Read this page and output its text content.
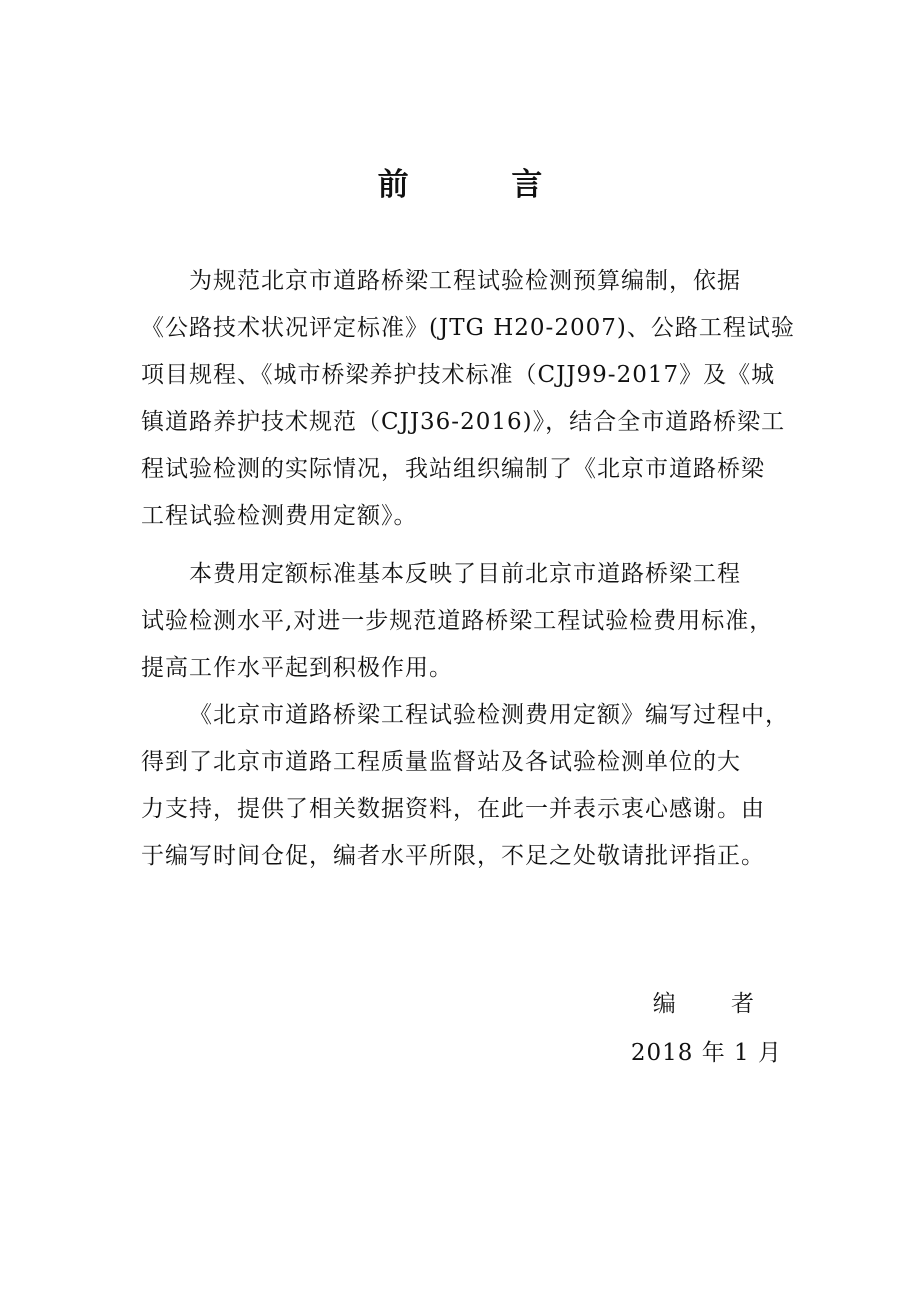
前 言
为规范北京市道路桥梁工程试验检测预算编制，依据
《公路技术状况评定标准》(JTG H20-2007)、公路工程试验
项目规程、《城市桥梁养护技术标准（CJJ99-2017》及《城
镇道路养护技术规范（CJJ36-2016)》，结合全市道路桥梁工
程试验检测的实际情况，我站组织编制了《北京市道路桥梁
工程试验检测费用定额》。
本费用定额标准基本反映了目前北京市道路桥梁工程
试验检测水平,对进一步规范道路桥梁工程试验检费用标准，
提高工作水平起到积极作用。
《北京市道路桥梁工程试验检测费用定额》编写过程中，
得到了北京市道路工程质量监督站及各试验检测单位的大
力支持，提供了相关数据资料，在此一并表示衷心感谢。由
于编写时间仓促，编者水平所限，不足之处敬请批评指正。
编 者
2018 年 1 月
